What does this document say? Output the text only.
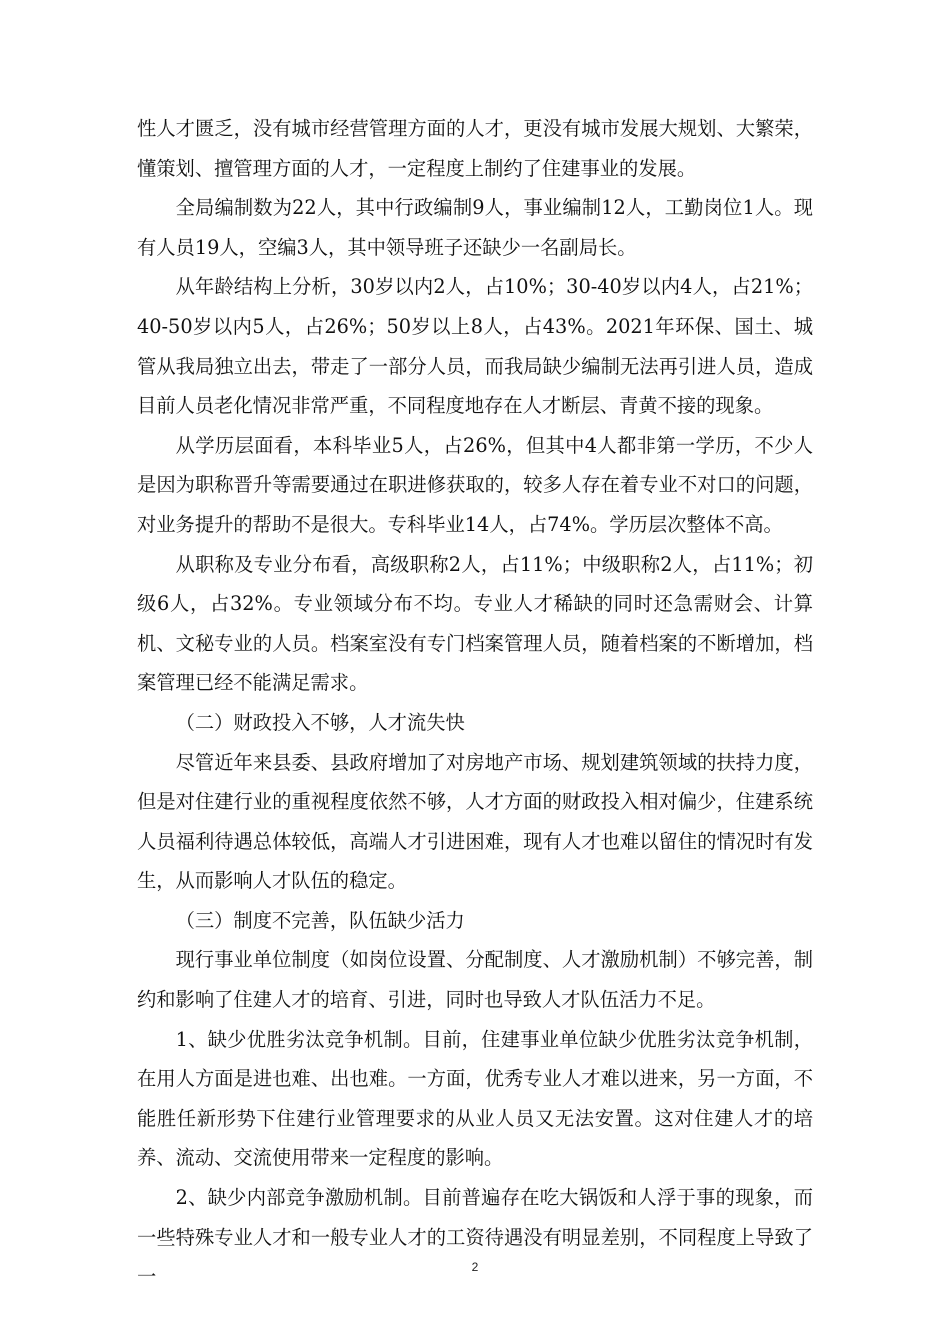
性人才匮乏，没有城市经营管理方面的人才，更没有城市发展大规划、大繁荣，懂策划、擅管理方面的人才，一定程度上制约了住建事业的发展。

全局编制数为22人，其中行政编制9人，事业编制12人，工勤岗位1人。现有人员19人，空编3人，其中领导班子还缺少一名副局长。

从年龄结构上分析，30岁以内2人，占10%；30-40岁以内4人，占21%；40-50岁以内5人，占26%；50岁以上8人，占43%。2021年环保、国土、城管从我局独立出去，带走了一部分人员，而我局缺少编制无法再引进人员，造成目前人员老化情况非常严重，不同程度地存在人才断层、青黄不接的现象。

从学历层面看，本科毕业5人，占26%，但其中4人都非第一学历，不少人是因为职称晋升等需要通过在职进修获取的，较多人存在着专业不对口的问题，对业务提升的帮助不是很大。专科毕业14人，占74%。学历层次整体不高。

从职称及专业分布看，高级职称2人，占11%；中级职称2人，占11%；初级6人，占32%。专业领域分布不均。专业人才稀缺的同时还急需财会、计算机、文秘专业的人员。档案室没有专门档案管理人员，随着档案的不断增加，档案管理已经不能满足需求。

（二）财政投入不够，人才流失快

尽管近年来县委、县政府增加了对房地产市场、规划建筑领域的扶持力度，但是对住建行业的重视程度依然不够，人才方面的财政投入相对偏少，住建系统人员福利待遇总体较低，高端人才引进困难，现有人才也难以留住的情况时有发生，从而影响人才队伍的稳定。

（三）制度不完善，队伍缺少活力

现行事业单位制度（如岗位设置、分配制度、人才激励机制）不够完善，制约和影响了住建人才的培育、引进，同时也导致人才队伍活力不足。

1、缺少优胜劣汰竞争机制。目前，住建事业单位缺少优胜劣汰竞争机制，在用人方面是进也难、出也难。一方面，优秀专业人才难以进来，另一方面，不能胜任新形势下住建行业管理要求的从业人员又无法安置。这对住建人才的培养、流动、交流使用带来一定程度的影响。

2、缺少内部竞争激励机制。目前普遍存在吃大锅饭和人浮于事的现象，而一些特殊专业人才和一般专业人才的工资待遇没有明显差别，不同程度上导致了一	2
